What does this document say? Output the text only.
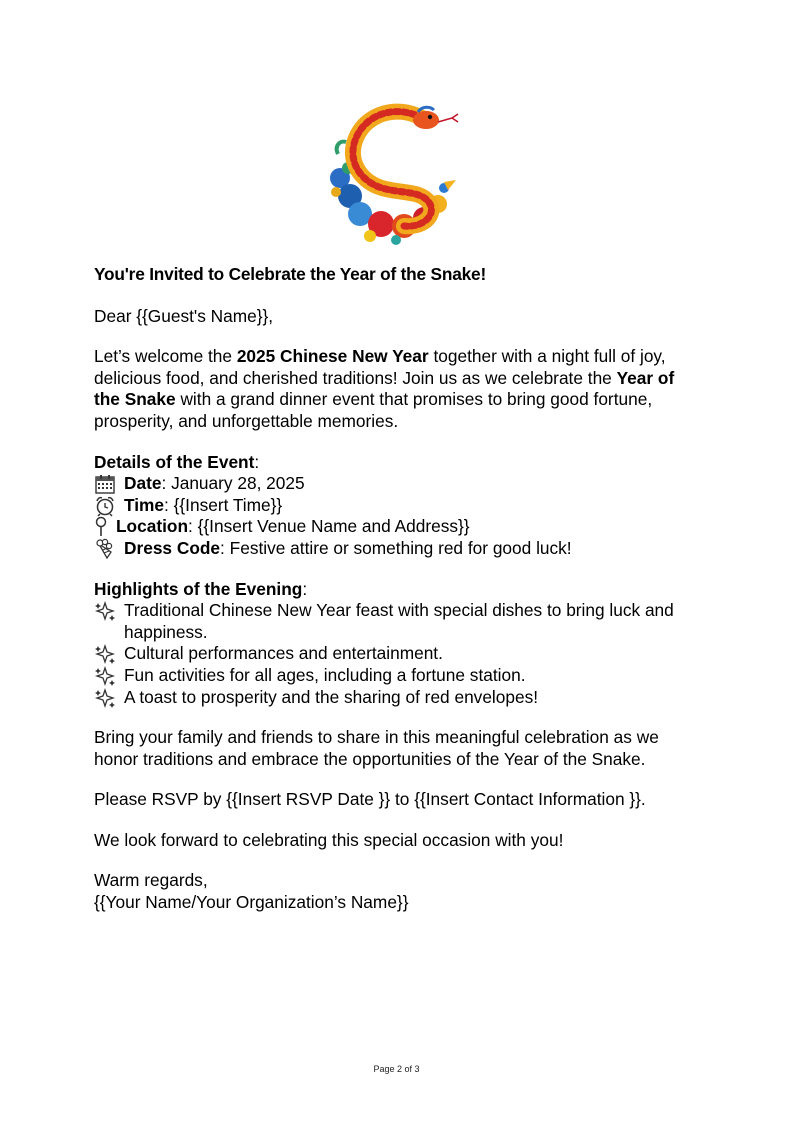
You're Invited to Celebrate the Year of the Snake!

Dear {{Guest's Name}},

Let’s welcome the 2025 Chinese New Year together with a night full of joy, delicious food, and cherished traditions! Join us as we celebrate the Year of the Snake with a grand dinner event that promises to bring good fortune, prosperity, and unforgettable memories.

Details of the Event:

Date: January 28, 2025
Time: {{Insert Time}}
Location: {{Insert Venue Name and Address}}
Dress Code: Festive attire or something red for good luck!

Highlights of the Evening:

Traditional Chinese New Year feast with special dishes to bring luck and happiness.
Cultural performances and entertainment.
Fun activities for all ages, including a fortune station.
A toast to prosperity and the sharing of red envelopes!

Bring your family and friends to share in this meaningful celebration as we honor traditions and embrace the opportunities of the Year of the Snake.

Please RSVP by {{Insert RSVP Date }} to {{Insert Contact Information }}.

We look forward to celebrating this special occasion with you!

Warm regards,

{{Your Name/Your Organization’s Name}}

Page 2 of 3
